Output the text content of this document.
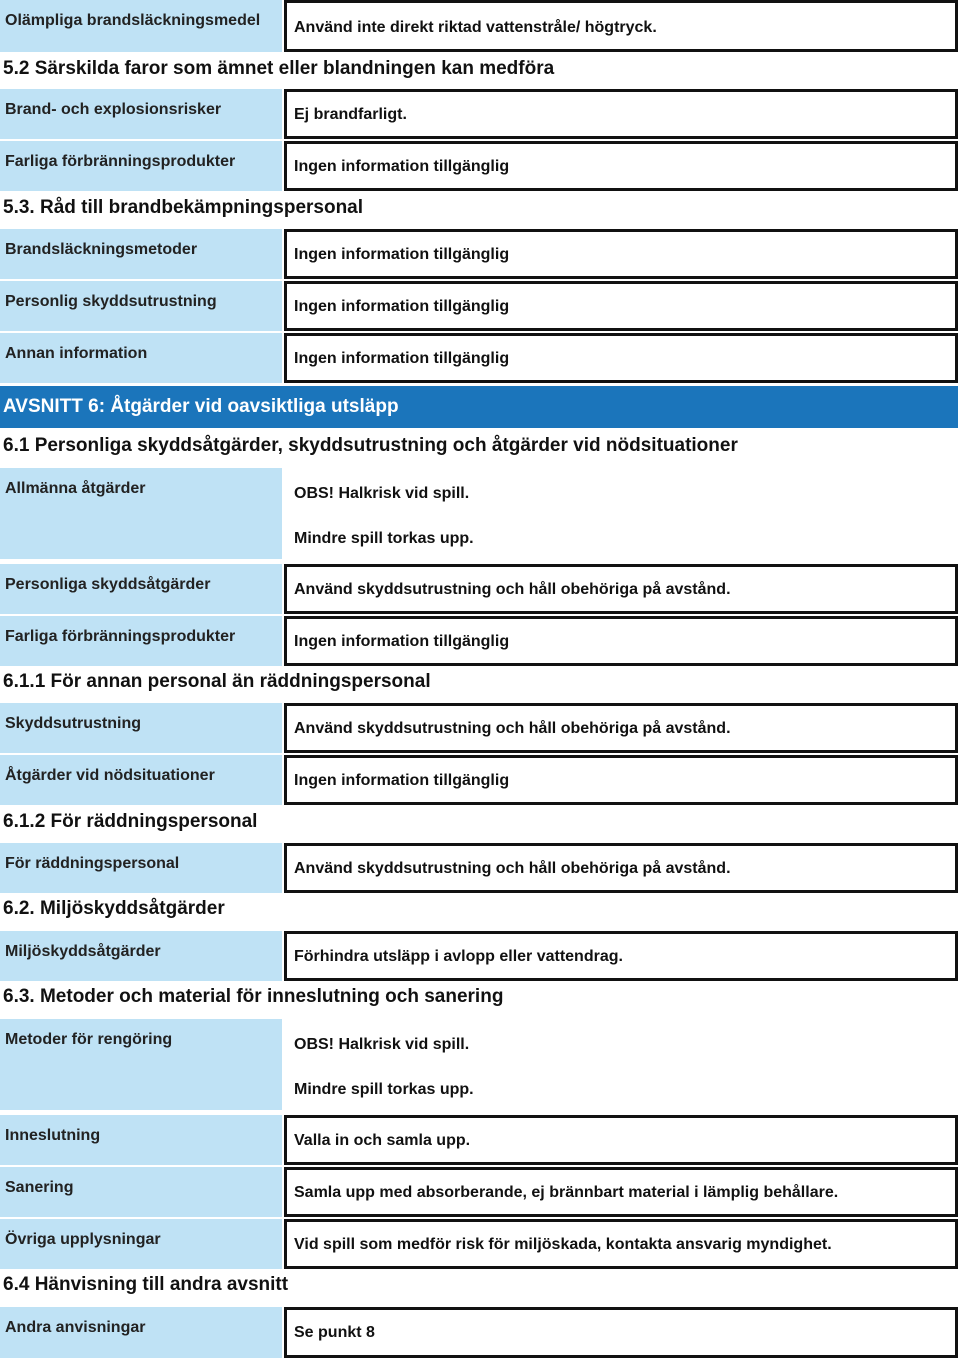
Olämpliga brandsläckningsmedel	Använd inte direkt riktad vattenstråle/ högtryck.
5.2 Särskilda faror som ämnet eller blandningen kan medföra
Brand- och explosionsrisker	Ej brandfarligt.
Farliga förbränningsprodukter	Ingen information tillgänglig
5.3. Råd till brandbekämpningspersonal
Brandsläckningsmetoder	Ingen information tillgänglig
Personlig skyddsutrustning	Ingen information tillgänglig
Annan information	Ingen information tillgänglig
AVSNITT 6: Åtgärder vid oavsiktliga utsläpp
6.1 Personliga skyddsåtgärder, skyddsutrustning och åtgärder vid nödsituationer
Allmänna åtgärder	OBS! Halkrisk vid spill.
Mindre spill torkas upp.
Personliga skyddsåtgärder	Använd skyddsutrustning och håll obehöriga på avstånd.
Farliga förbränningsprodukter	Ingen information tillgänglig
6.1.1 För annan personal än räddningspersonal
Skyddsutrustning	Använd skyddsutrustning och håll obehöriga på avstånd.
Åtgärder vid nödsituationer	Ingen information tillgänglig
6.1.2 För räddningspersonal
För räddningspersonal	Använd skyddsutrustning och håll obehöriga på avstånd.
6.2. Miljöskyddsåtgärder
Miljöskyddsåtgärder	Förhindra utsläpp i avlopp eller vattendrag.
6.3. Metoder och material för inneslutning och sanering
Metoder för rengöring	OBS! Halkrisk vid spill.
Mindre spill torkas upp.
Inneslutning	Valla in och samla upp.
Sanering	Samla upp med absorberande, ej brännbart material i lämplig behållare.
Övriga upplysningar	Vid spill som medför risk för miljöskada, kontakta ansvarig myndighet.
6.4 Hänvisning till andra avsnitt
Andra anvisningar	Se punkt 8
